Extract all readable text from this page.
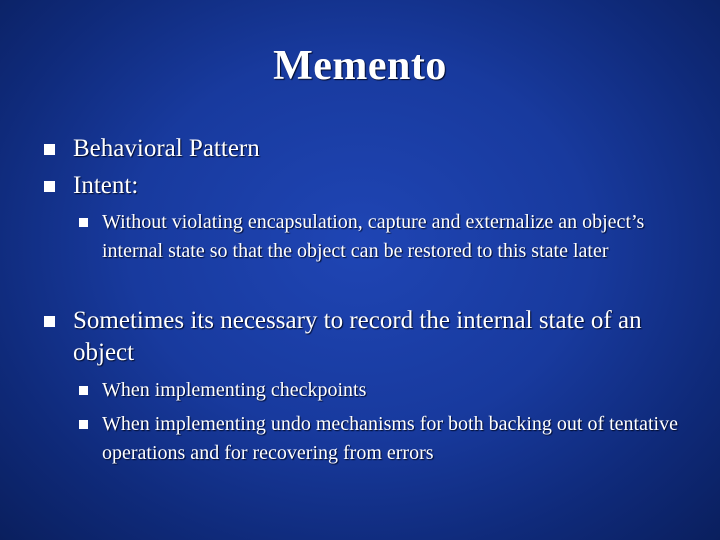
Memento
Behavioral Pattern
Intent:
Without violating encapsulation, capture and externalize an object’s internal state so that the object can be restored to this state later
Sometimes its necessary to record the internal state of an object
When implementing checkpoints
When implementing undo mechanisms for both backing out of tentative operations and for recovering from errors
